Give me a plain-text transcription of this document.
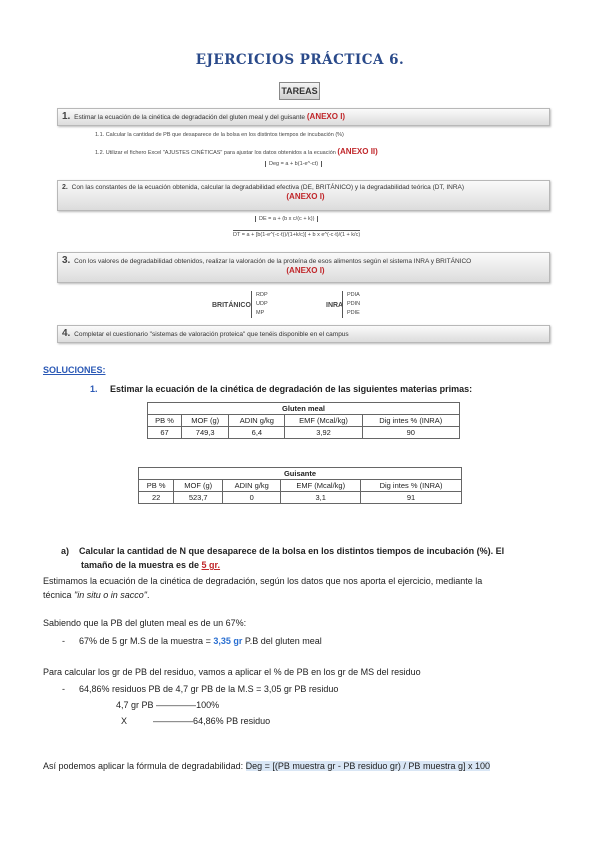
EJERCICIOS PRÁCTICA 6.
TAREAS
1. Estimar la ecuación de la cinética de degradación del gluten meal y del guisante (ANEXO I)
1.1. Calcular la cantidad de PB que desaparece de la bolsa en los distintos tiempos de incubación (%)
1.2. Utilizar el fichero Excel "AJUSTES CINÉTICAS" para ajustar los datos obtenidos a la ecuación (ANEXO II)
Deg = a + b(1-e^-ct)
2. Con las constantes de la ecuación obtenida, calcular la degradabilidad efectiva (DE, BRITÁNICO) y la degradabilidad teórica (DT, INRA)
(ANEXO I)
DE = a + (b x c/(c + k))
DT = a + [b(1-e^(-c·t))/(1+k/c)] + b x e^(-c·t)/(1 + k/c)
3. Con los valores de degradabilidad obtenidos, realizar la valoración de la proteína de esos alimentos según el sistema INRA y BRITÁNICO
(ANEXO I)
BRITÁNICO
RDP
UDP
MP
INRA
PDIA
PDIN
PDIE
4. Completar el cuestionario "sistemas de valoración proteica" que tenéis disponible en el campus
SOLUCIONES:
1. Estimar la ecuación de la cinética de degradación de las siguientes materias primas:
Gluten meal				
PB %	MOF (g)	ADIN g/kg	EMF (Mcal/kg)	Dig intes % (INRA)
67	749,3	6,4	3,92	90
Guisante				
PB %	MOF (g)	ADIN g/kg	EMF (Mcal/kg)	Dig intes % (INRA)
22	523,7	0	3,1	91
a) Calcular la cantidad de N que desaparece de la bolsa en los distintos tiempos de incubación (%). El
tamaño de la muestra es de 5 gr.
Estimamos la ecuación de la cinética de degradación, según los datos que nos aporta el ejercicio, mediante la
técnica "in situ o in sacco".
Sabiendo que la PB del gluten meal es de un 67%:
- 67% de 5 gr M.S de la muestra = 3,35 gr P.B del gluten meal
Para calcular los gr de PB del residuo, vamos a aplicar el % de PB en los gr de MS del residuo
- 64,86% residuos PB de 4,7 gr PB de la M.S = 3,05 gr PB residuo
4,7 gr PB ––––––––100%
X	––––––––64,86% PB residuo
Así podemos aplicar la fórmula de degradabilidad: Deg = [(PB muestra gr - PB residuo gr) / PB muestra g] x 100
